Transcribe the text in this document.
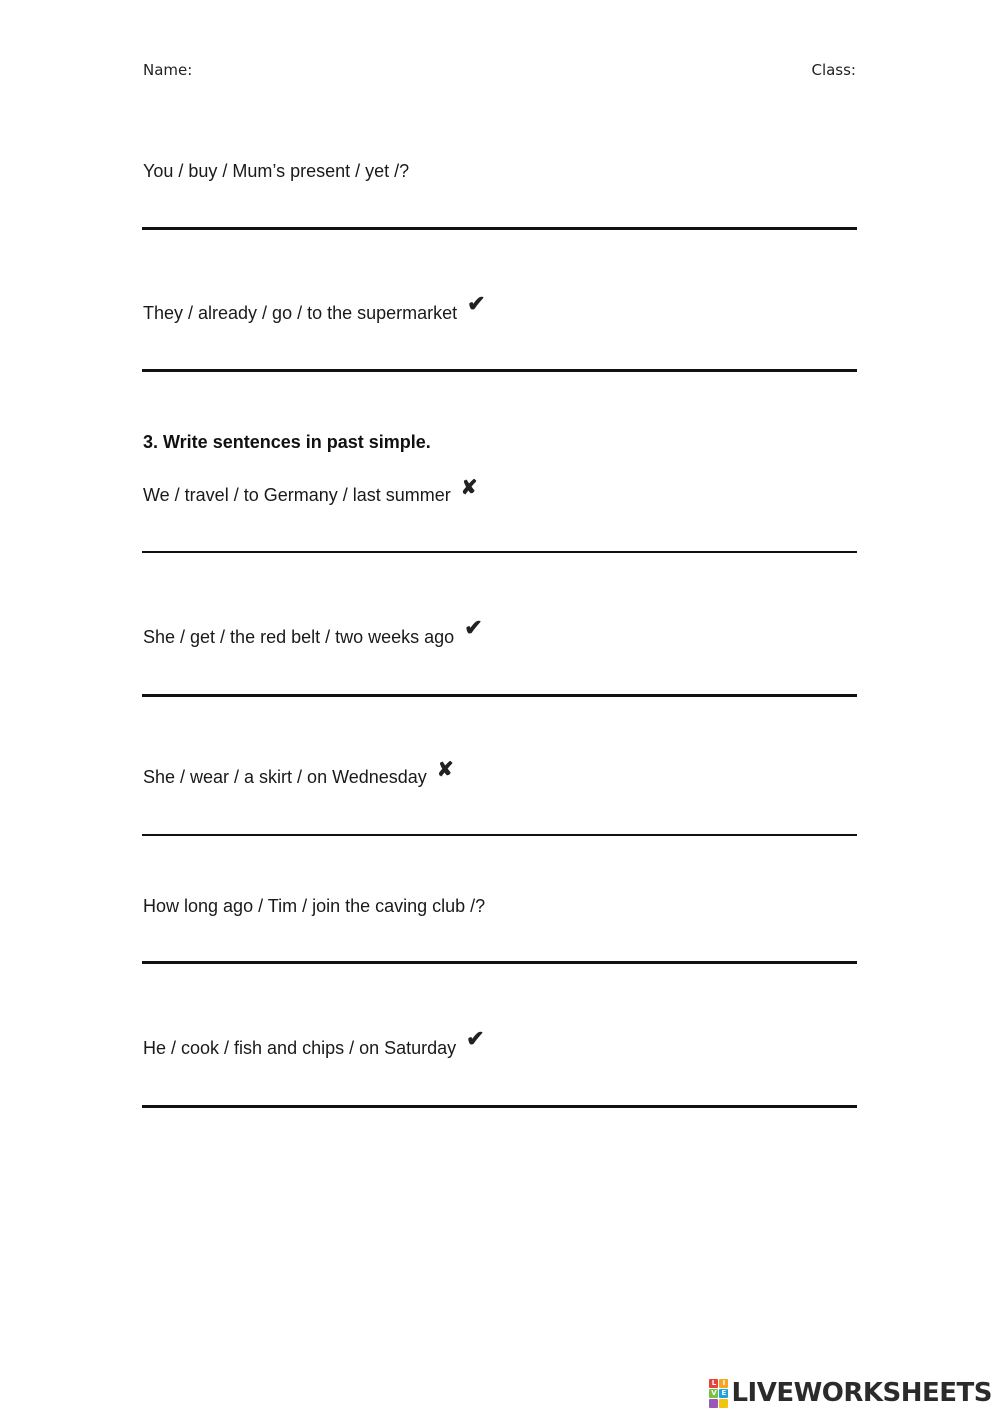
Name:	Class:
You / buy / Mum’s present / yet /?
They / already / go / to the supermarket ✔
3. Write sentences in past simple.
We / travel / to Germany / last summer ✘
She / get / the red belt / two weeks ago ✔
She / wear / a skirt / on Wednesday ✘
How long ago / Tim / join the caving club /?
He / cook / fish and chips / on Saturday ✔
L I
V E LIVEWORKSHEETS
